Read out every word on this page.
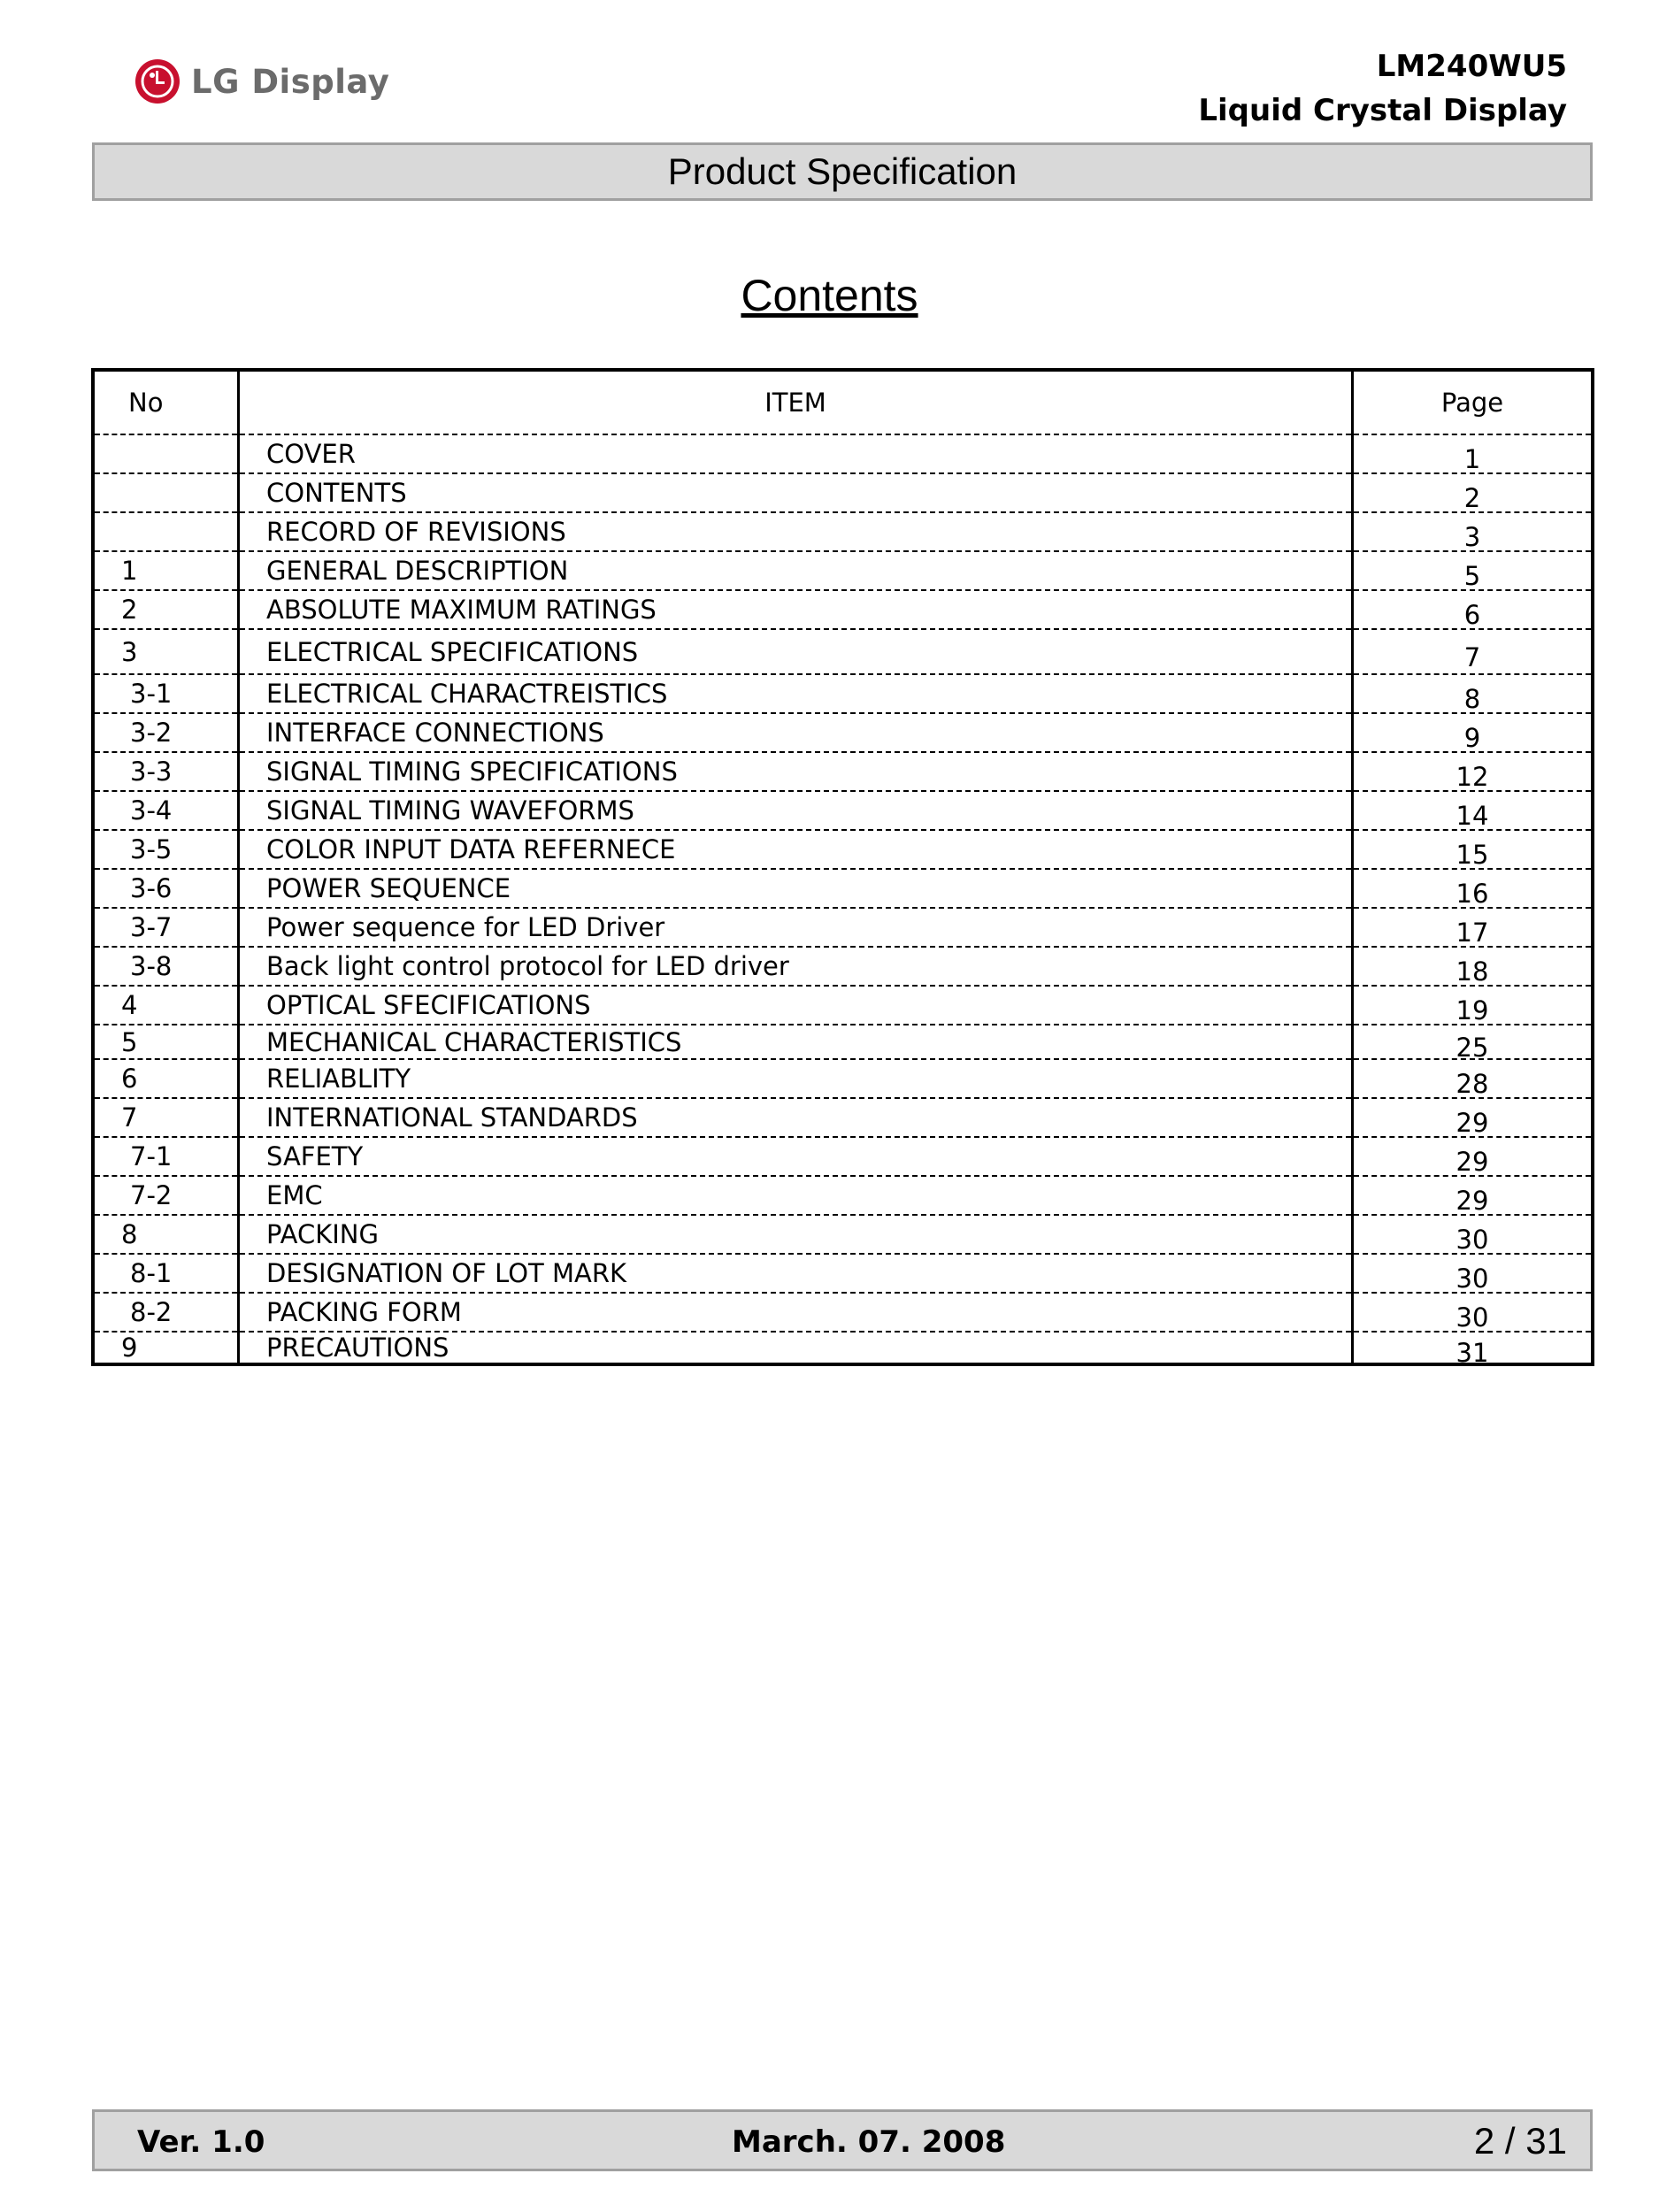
LG Display	LM240WU5
Liquid Crystal Display
Product Specification
Contents
No	ITEM	Page
	COVER	1
	CONTENTS	2
	RECORD OF REVISIONS	3
1	GENERAL DESCRIPTION	5
2	ABSOLUTE MAXIMUM RATINGS	6
3	ELECTRICAL SPECIFICATIONS	7
3-1	ELECTRICAL CHARACTREISTICS	8
3-2	INTERFACE CONNECTIONS	9
3-3	SIGNAL TIMING SPECIFICATIONS	12
3-4	SIGNAL TIMING WAVEFORMS	14
3-5	COLOR INPUT DATA REFERNECE	15
3-6	POWER SEQUENCE	16
3-7	Power sequence for LED Driver	17
3-8	Back light control protocol for LED driver	18
4	OPTICAL SFECIFICATIONS	19
5	MECHANICAL CHARACTERISTICS	25
6	RELIABLITY	28
7	INTERNATIONAL STANDARDS	29
7-1	SAFETY	29
7-2	EMC	29
8	PACKING	30
8-1	DESIGNATION OF LOT MARK	30
8-2	PACKING FORM	30
9	PRECAUTIONS	31
Ver. 1.0	March. 07. 2008	2 / 31
